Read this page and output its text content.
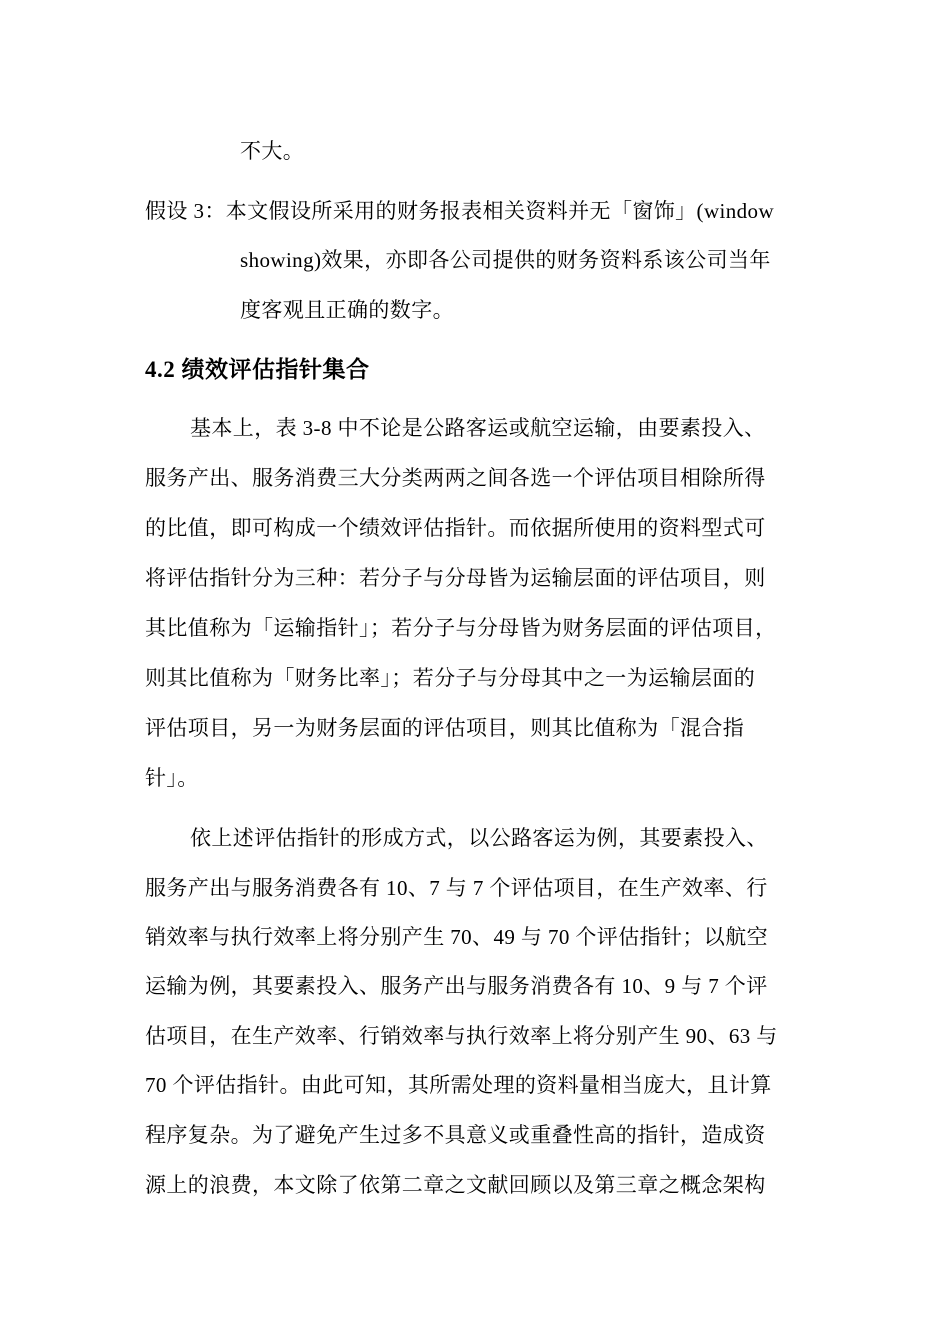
不大。
假设 3：本文假设所采用的财务报表相关资料并无「窗饰」(window
showing)效果，亦即各公司提供的财务资料系该公司当年
度客观且正确的数字。
4.2 绩效评估指针集合
基本上，表 3-8 中不论是公路客运或航空运输，由要素投入、
服务产出、服务消费三大分类两两之间各选一个评估项目相除所得
的比值，即可构成一个绩效评估指针。而依据所使用的资料型式可
将评估指针分为三种：若分子与分母皆为运输层面的评估项目，则
其比值称为「运输指针」；若分子与分母皆为财务层面的评估项目，
则其比值称为「财务比率」；若分子与分母其中之一为运输层面的
评估项目，另一为财务层面的评估项目，则其比值称为「混合指
针」。
依上述评估指针的形成方式，以公路客运为例，其要素投入、
服务产出与服务消费各有 10、7 与 7 个评估项目，在生产效率、行
销效率与执行效率上将分别产生 70、49 与 70 个评估指针；以航空
运输为例，其要素投入、服务产出与服务消费各有 10、9 与 7 个评
估项目，在生产效率、行销效率与执行效率上将分别产生 90、63 与
70 个评估指针。由此可知，其所需处理的资料量相当庞大，且计算
程序复杂。为了避免产生过多不具意义或重叠性高的指针，造成资
源上的浪费，本文除了依第二章之文献回顾以及第三章之概念架构
